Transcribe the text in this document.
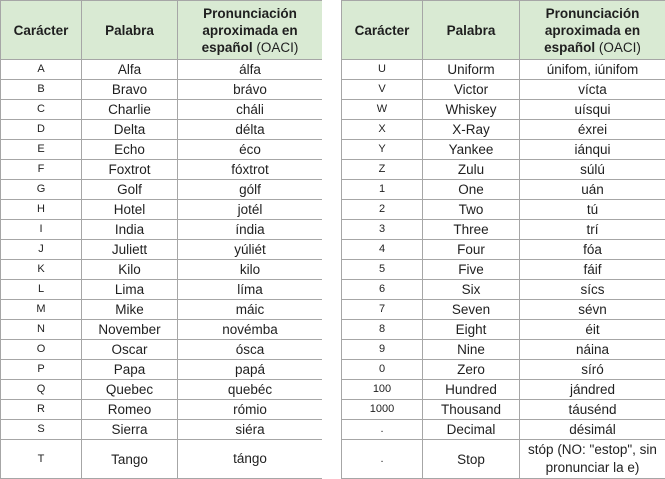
Carácter	Palabra	Pronunciación aproximada en español (OACI)
A	Alfa	álfa
B	Bravo	brávo
C	Charlie	cháli
D	Delta	délta
E	Echo	éco
F	Foxtrot	fóxtrot
G	Golf	gólf
H	Hotel	jotél
I	India	índia
J	Juliett	yúliét
K	Kilo	kilo
L	Lima	líma
M	Mike	máic
N	November	novémba
O	Oscar	ósca
P	Papa	papá
Q	Quebec	quebéc
R	Romeo	rómio
S	Sierra	siéra
T	Tango	tángo
Carácter	Palabra	Pronunciación aproximada en español (OACI)
U	Uniform	únifom, iúnifom
V	Victor	vícta
W	Whiskey	uísqui
X	X-Ray	éxrei
Y	Yankee	iánqui
Z	Zulu	súlú
1	One	uán
2	Two	tú
3	Three	trí
4	Four	fóa
5	Five	fáif
6	Six	sícs
7	Seven	sévn
8	Eight	éit
9	Nine	náina
0	Zero	síró
100	Hundred	jándred
1000	Thousand	táusénd
.	Decimal	désimál
.	Stop	stóp (NO: "estop", sin pronunciar la e)
